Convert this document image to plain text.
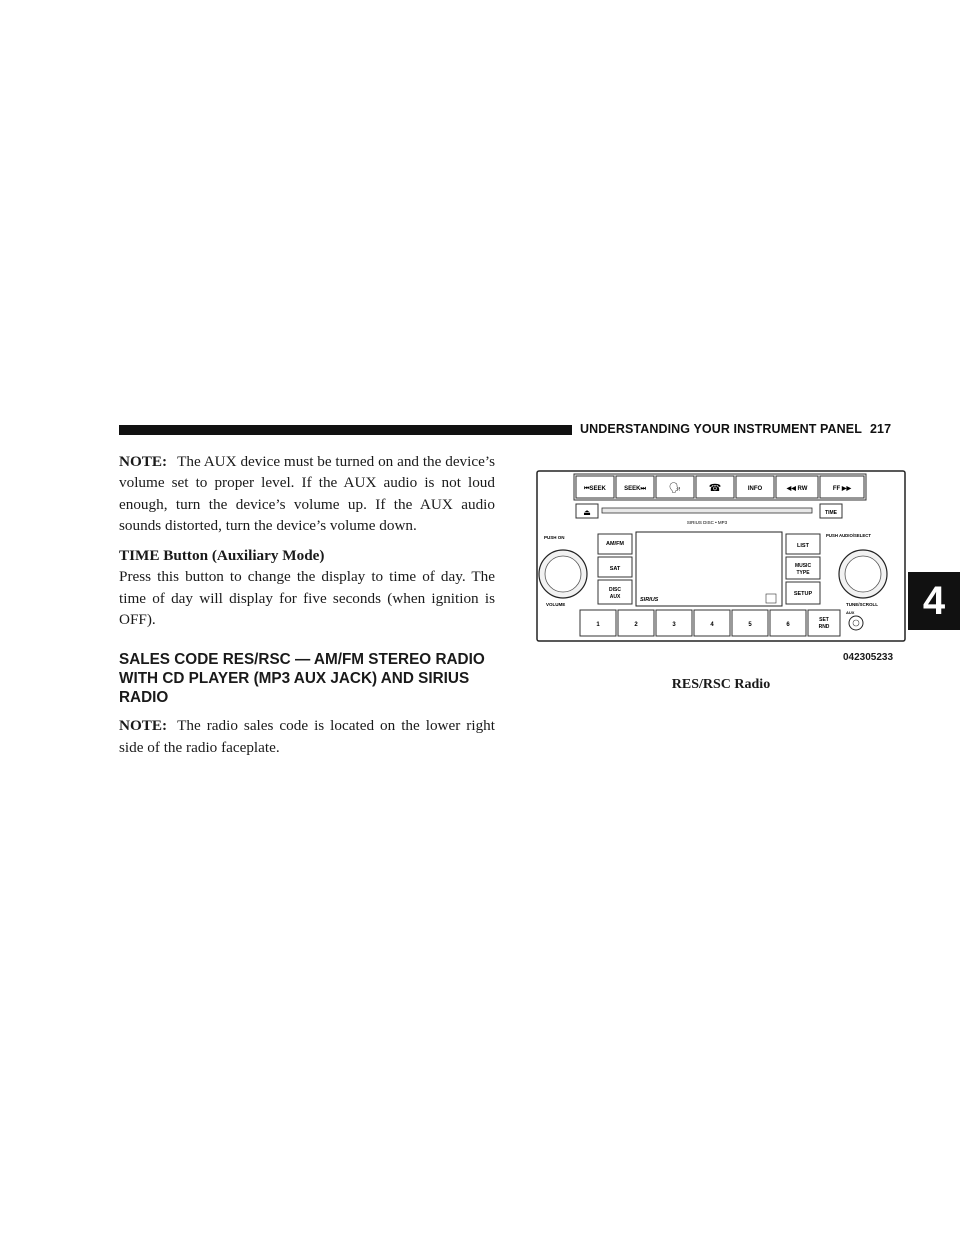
UNDERSTANDING YOUR INSTRUMENT PANEL 217
4

NOTE: The AUX device must be turned on and the device’s volume set to proper level. If the AUX audio is not loud enough, turn the device’s volume up. If the AUX audio sounds distorted, turn the device’s volume down.

TIME Button (Auxiliary Mode)

Press this button to change the display to time of day. The time of day will display for five seconds (when ignition is OFF).

SALES CODE RES/RSC — AM/FM STEREO RADIO WITH CD PLAYER (MP3 AUX JACK) AND SIRIUS RADIO

NOTE: The radio sales code is located on the lower right side of the radio faceplate.

⏮SEEK	SEEK⏭ 🗣	☎	INFO	◀◀ RW	FF ▶▶
⏏
SIRIUS DISC • MP3
TIME
PUSH ON
VOLUME
AM/FM
SAT
DISC
AUX	SIRIUS
LIST
MUSIC
TYPE
SETUP
PUSH AUDIO/SELECT
TUNE/SCROLL
1	2	3	4	5	6
SET
RND
AUX
042305233
RES/RSC Radio
